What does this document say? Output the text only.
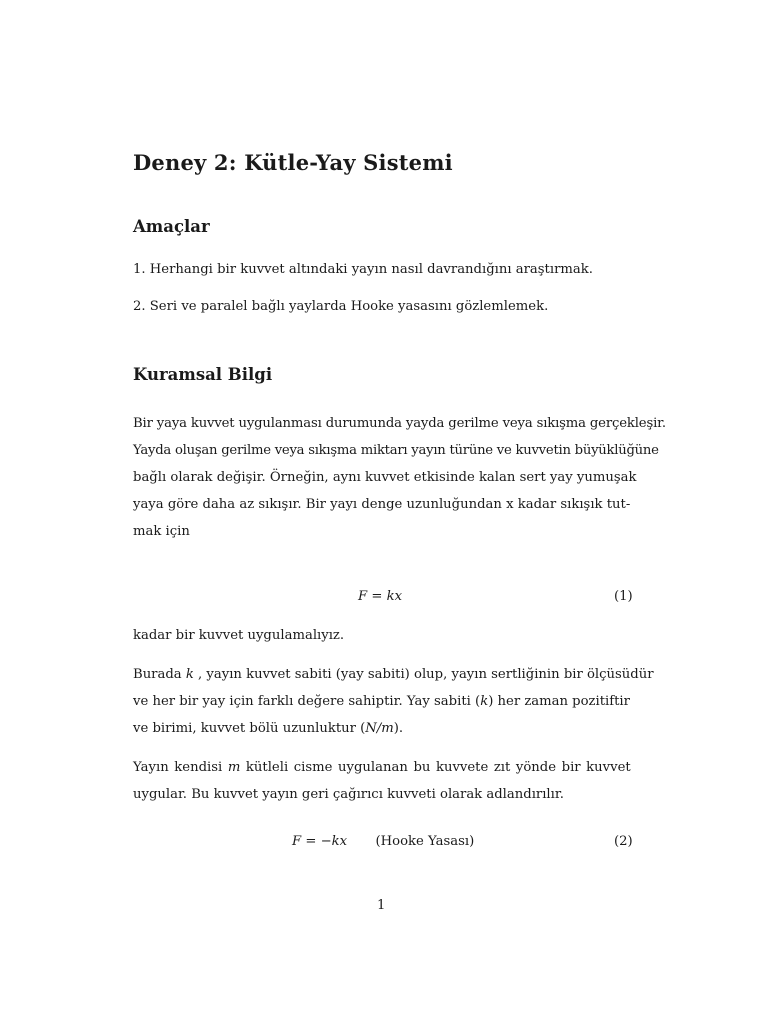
Deney 2: Kütle-Yay Sistemi
Amaçlar
1. Herhangi bir kuvvet altındaki yayın nasıl davrandığını araştırmak.
2. Seri ve paralel bağlı yaylarda Hooke yasasını gözlemlemek.
Kuramsal Bilgi
Bir yaya kuvvet uygulanması durumunda yayda gerilme veya sıkışma gerçekleşir.
Yayda oluşan gerilme veya sıkışma miktarı yayın türüne ve kuvvetin büyüklüğüne
bağlı olarak değişir. Örneğin, aynı kuvvet etkisinde kalan sert yay yumuşak
yaya göre daha az sıkışır. Bir yayı denge uzunluğundan x kadar sıkışık tut-
mak için
F = kx	(1)
kadar bir kuvvet uygulamalıyız.
Burada k , yayın kuvvet sabiti (yay sabiti) olup, yayın sertliğinin bir ölçüsüdür
ve her bir yay için farklı değere sahiptir. Yay sabiti (k) her zaman pozitiftir
ve birimi, kuvvet bölü uzunluktur (N/m).
Yayın kendisi m kütleli cisme uygulanan bu kuvvete zıt yönde bir kuvvet
uygular. Bu kuvvet yayın geri çağırıcı kuvveti olarak adlandırılır.
F = −kx (Hooke Yasası)	(2)
1
